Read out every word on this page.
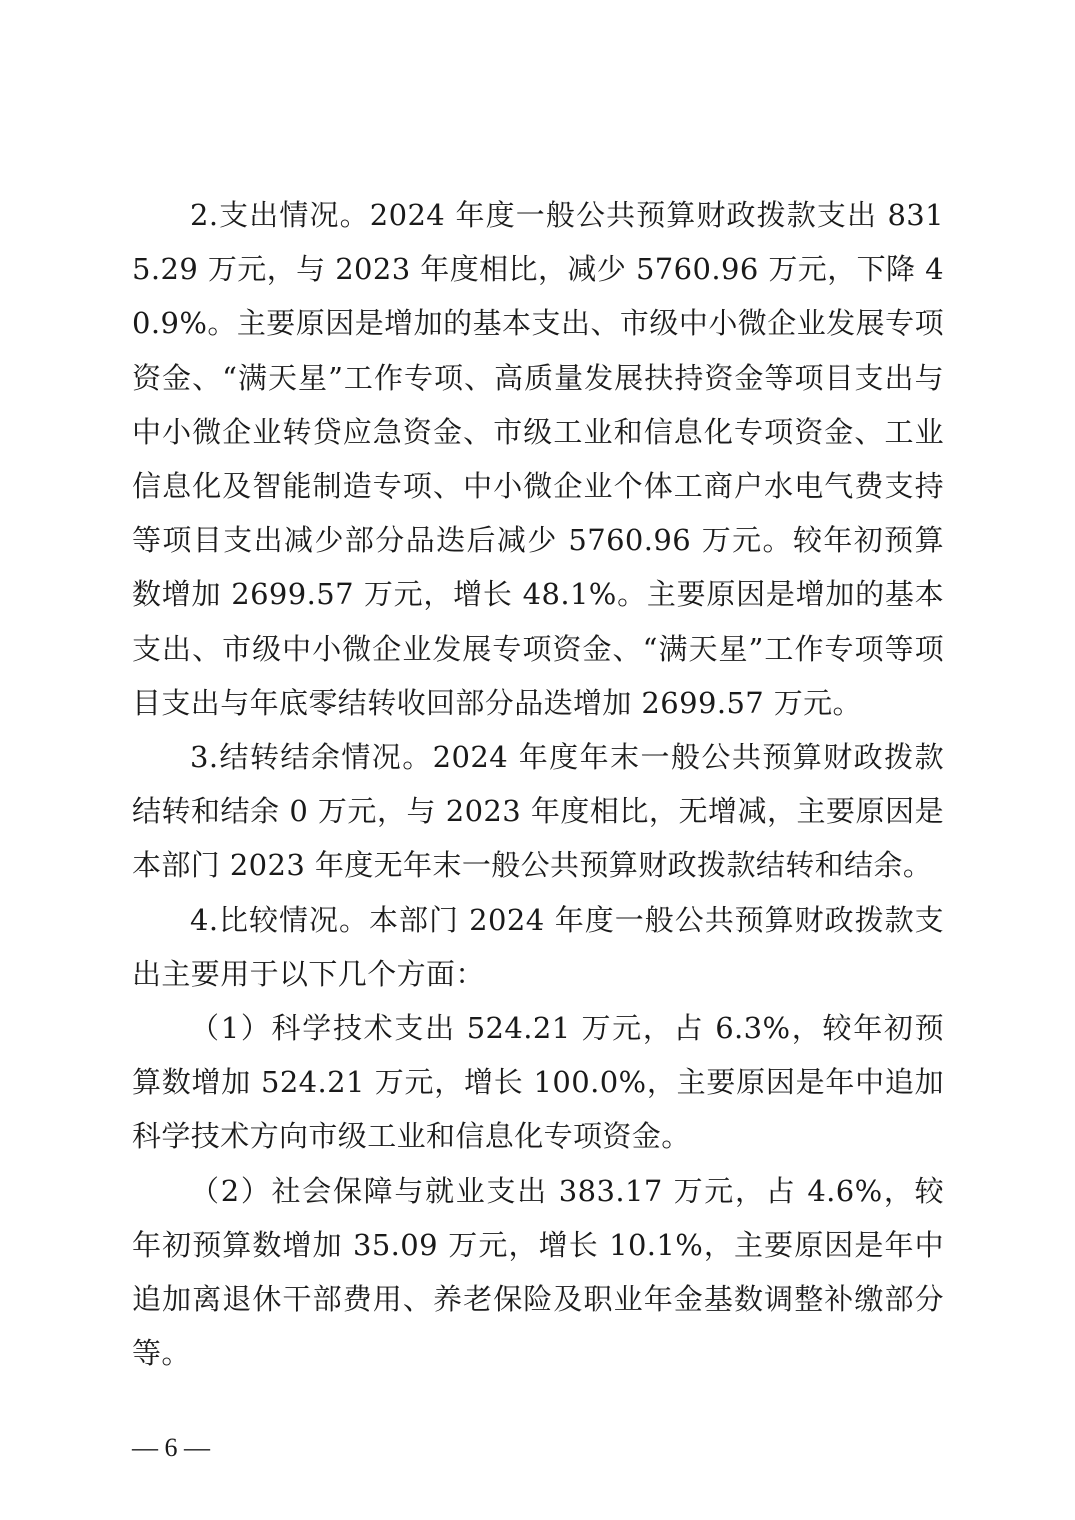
2.支出情况。2024 年度一般公共预算财政拨款支出 8315.29 万元，与 2023 年度相比，减少 5760.96 万元，下降 40.9%。主要原因是增加的基本支出、市级中小微企业发展专项资金、“满天星”工作专项、高质量发展扶持资金等项目支出与中小微企业转贷应急资金、市级工业和信息化专项资金、工业信息化及智能制造专项、中小微企业个体工商户水电气费支持等项目支出减少部分品迭后减少 5760.96 万元。较年初预算数增加 2699.57 万元，增长 48.1%。主要原因是增加的基本支出、市级中小微企业发展专项资金、“满天星”工作专项等项目支出与年底零结转收回部分品迭增加 2699.57 万元。

3.结转结余情况。2024 年度年末一般公共预算财政拨款结转和结余 0 万元，与 2023 年度相比，无增减，主要原因是本部门 2023 年度无年末一般公共预算财政拨款结转和结余。

4.比较情况。本部门 2024 年度一般公共预算财政拨款支出主要用于以下几个方面：

（1）科学技术支出 524.21 万元，占 6.3%，较年初预算数增加 524.21 万元，增长 100.0%，主要原因是年中追加科学技术方向市级工业和信息化专项资金。

（2）社会保障与就业支出 383.17 万元，占 4.6%，较年初预算数增加 35.09 万元，增长 10.1%，主要原因是年中追加离退休干部费用、养老保险及职业年金基数调整补缴部分等。

— 6 —
